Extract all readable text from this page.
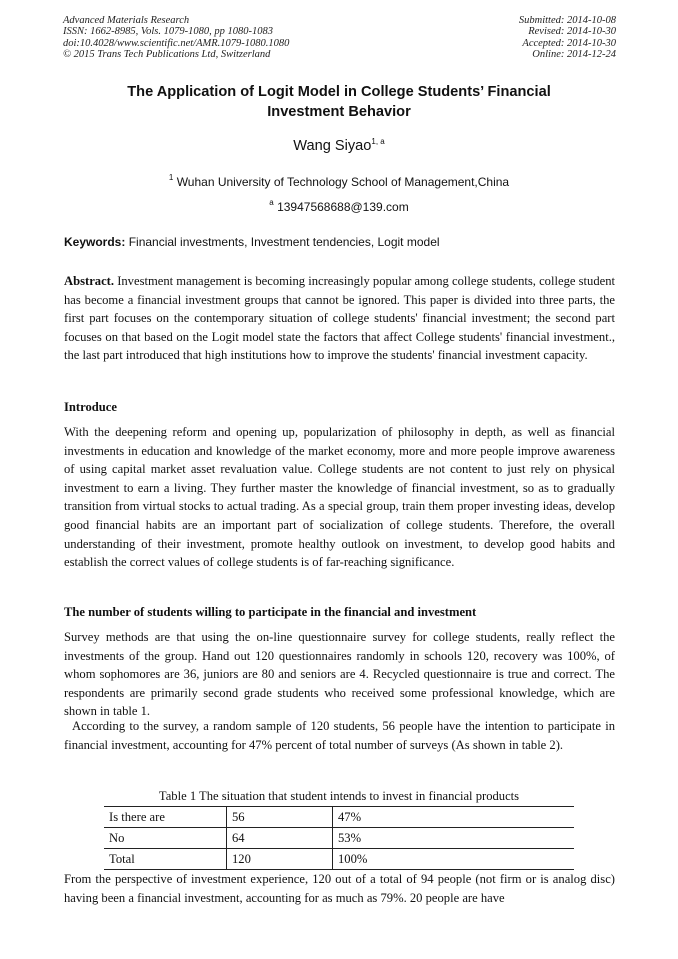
Advanced Materials Research
ISSN: 1662-8985, Vols. 1079-1080, pp 1080-1083
doi:10.4028/www.scientific.net/AMR.1079-1080.1080
© 2015 Trans Tech Publications Ltd, Switzerland
Submitted: 2014-10-08
Revised: 2014-10-30
Accepted: 2014-10-30
Online: 2014-12-24
The Application of Logit Model in College Students’ Financial
Investment Behavior
Wang Siyao$^{1, a}$
$^1$ Wuhan University of Technology School of Management,China
$^a$ 13947568688@139.com
Keywords: Financial investments, Investment tendencies, Logit model
Abstract. Investment management is becoming increasingly popular among college students, college student has become a financial investment groups that cannot be ignored. This paper is divided into three parts, the first part focuses on the contemporary situation of college students' financial investment; the second part focuses on that based on the Logit model state the factors that affect College students' financial investment., the last part introduced that high institutions how to improve the students' financial investment capacity.
Introduce
With the deepening reform and opening up, popularization of philosophy in depth, as well as financial investments in education and knowledge of the market economy, more and more people improve awareness of using capital market asset revaluation value. College students are not content to just rely on physical investment to earn a living. They further master the knowledge of financial investment, so as to gradually transition from virtual stocks to actual trading. As a special group, train them proper investing ideas, develop good financial habits are an important part of socialization of college students. Therefore, the overall understanding of their investment, promote healthy outlook on investment, to develop good habits and establish the correct values of college students is of far-reaching significance.
The number of students willing to participate in the financial and investment
Survey methods are that using the on-line questionnaire survey for college students, really reflect the investments of the group. Hand out 120 questionnaires randomly in schools 120, recovery was 100%, of whom sophomores are 36, juniors are 80 and seniors are 4. Recycled questionnaire is true and correct. The respondents are primarily second grade students who received some professional knowledge, which are shown in table 1.
According to the survey, a random sample of 120 students, 56 people have the intention to participate in financial investment, accounting for 47% percent of total number of surveys (As shown in table 2).
Table 1 The situation that student intends to invest in financial products
Is there are	56	47%
No	64	53%
Total	120	100%
From the perspective of investment experience, 120 out of a total of 94 people (not firm or is analog disc) having been a financial investment, accounting for as much as 79%. 20 people are have
